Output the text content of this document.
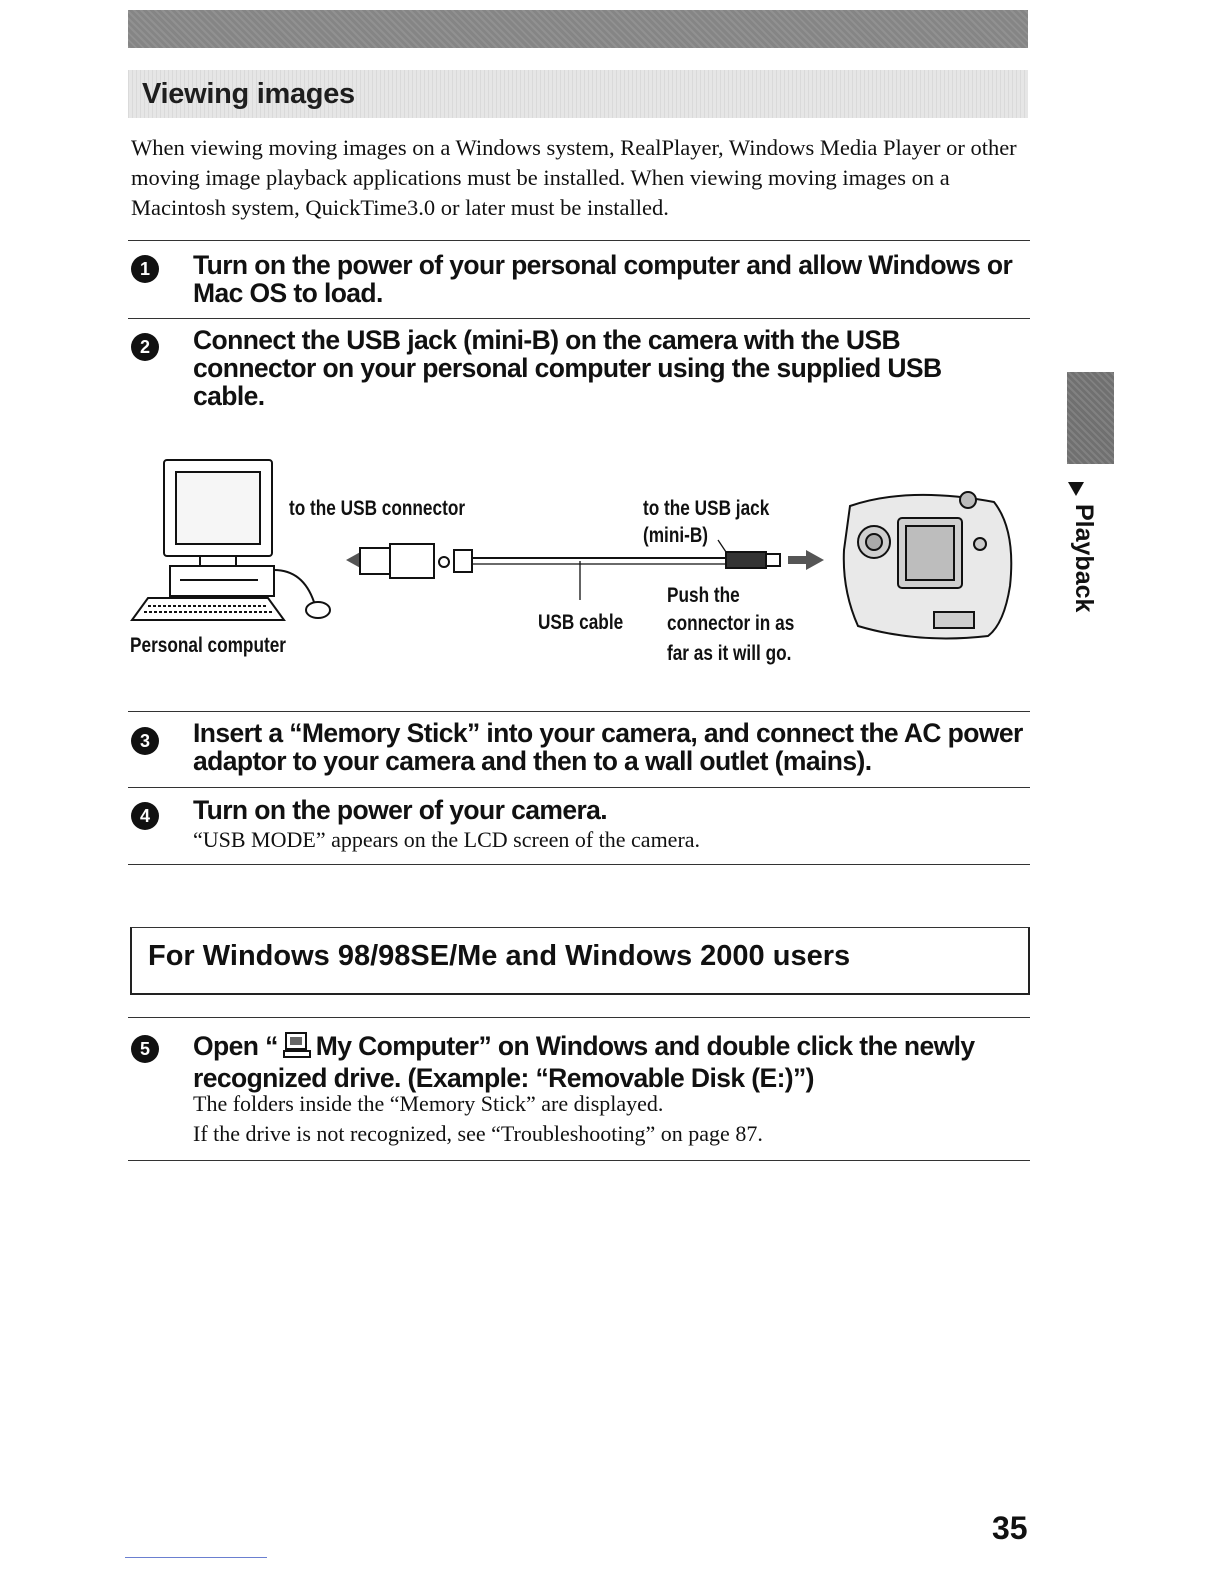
Viewing images
When viewing moving images on a Windows system, RealPlayer, Windows Media Player or other moving image playback applications must be installed. When viewing moving images on a Macintosh system, QuickTime3.0 or later must be installed.
1	Turn on the power of your personal computer and allow Windows or Mac OS to load.
2	Connect the USB jack (mini-B) on the camera with the USB connector on your personal computer using the supplied USB cable.
to the USB connector	to the USB jack
(mini-B)
Push the
USB cable connector in as
Personal computer	far as it will go.
3	Insert a “Memory Stick” into your camera, and connect the AC power adaptor to your camera and then to a wall outlet (mains).
4	Turn on the power of your camera.
“USB MODE” appears on the LCD screen of the camera.
For Windows 98/98SE/Me and Windows 2000 users
5	Open “ My Computer” on Windows and double click the newly recognized drive. (Example: “Removable Disk (E:)”)
The folders inside the “Memory Stick” are displayed.
If the drive is not recognized, see “Troubleshooting” on page 87.
Playback
35
